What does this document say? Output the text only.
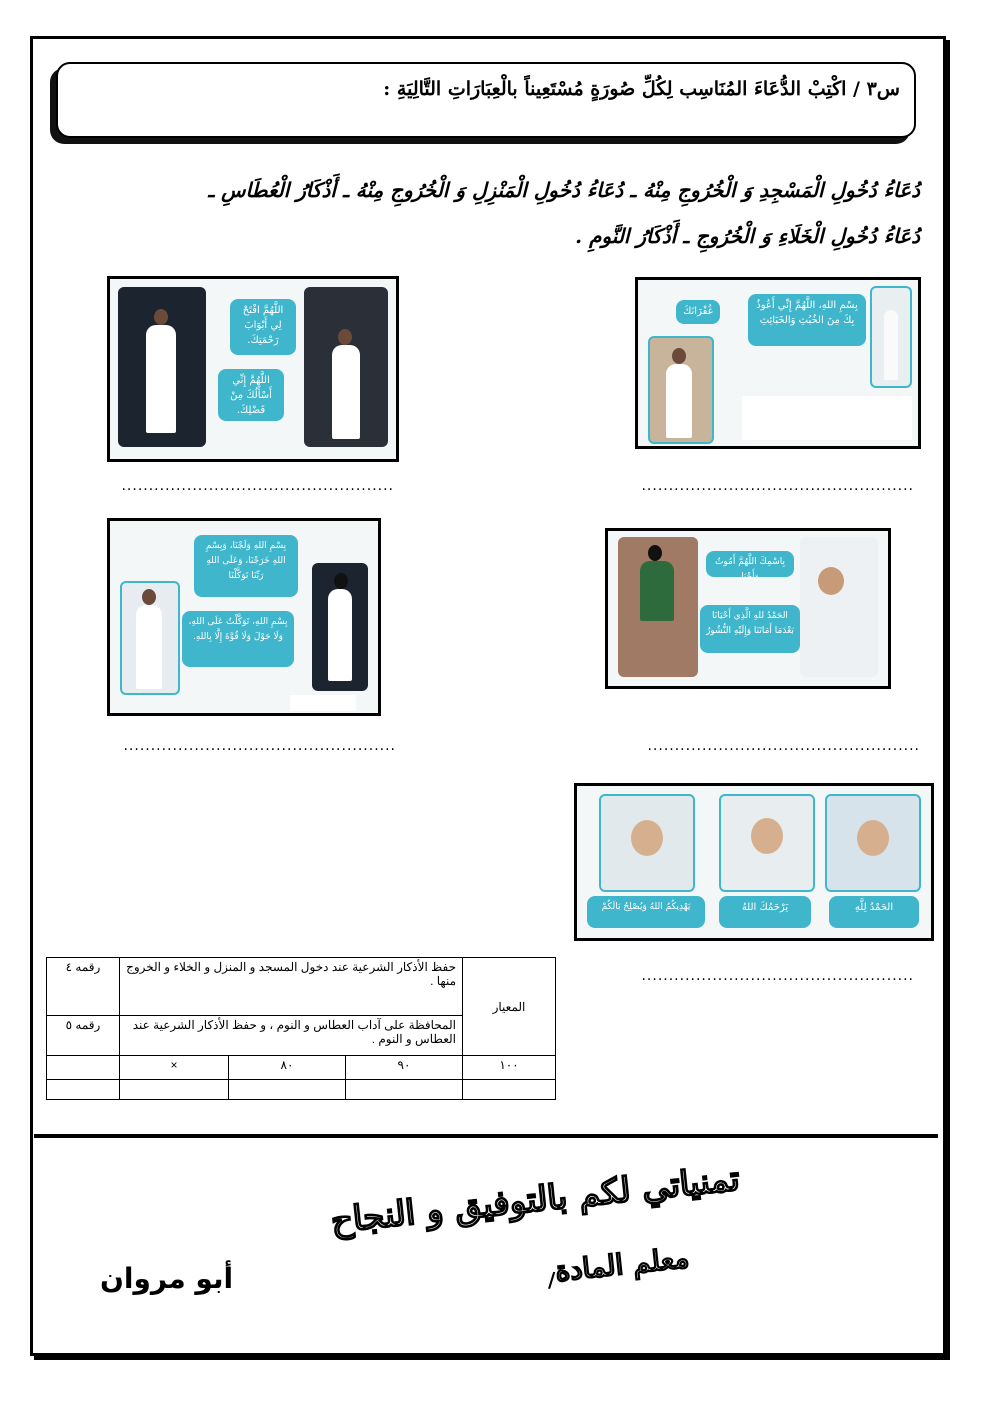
س٣ / اكْتِبْ الدُّعَاءَ المُنَاسِب لِكُلِّ صُورَةٍ مُسْتَعِيناً بالْعِبَارَاتِ التَّالِيَةِ :
دُعَاءُ دُخُولِ الْمَسْجِدِ وَ الْخُرُوجِ مِنْهُ ـ دُعَاءُ دُخُولِ الْمَنْزِلِ وَ الْخُرُوجِ مِنْهُ ـ أَذْكَارُ الْعُطَاسِ ـ
دُعَاءُ دُخُولِ الْخَلَاءِ وَ الْخُرُوجِ ـ أَذْكَارُ النَّومِ .
بِسْمِ اللهِ، اللَّهُمَّ إِنِّي أَعُوذُ بِكَ مِنَ الخُبُثِ وَالخَبَائِثِ
غُفْرَانَكَ
اللَّهُمَّ افْتَحْ لِي أَبْوَابَ رَحْمَتِكَ.
اللَّهُمَّ إِنِّي أَسْأَلُكَ مِنْ فَضْلِكَ.
..................................................
..................................................
بِاسْمِكَ اللَّهُمَّ أَمُوتُ وَأَحْيَا
الحَمْدُ للهِ الَّذِي أَحْيَانَا بَعْدَمَا أَمَاتَنَا وَإِلَيْهِ النُّشُورُ
بِسْمِ اللهِ وَلَجْنَا، وَبِسْمِ اللهِ خَرَجْنَا، وَعَلَى اللهِ رَبِّنَا تَوَكَّلْنَا
بِسْمِ اللهِ، تَوَكَّلْتُ عَلَى اللهِ، وَلَا حَوْلَ وَلَا قُوَّةَ إِلَّا بِاللهِ.
..................................................
..................................................
الحَمْدُ لِلَّهِ
يَرْحَمُكَ اللهُ
يَهْدِيكُمُ اللهُ وَيُصْلِحُ بَالَكُمْ
..................................................
المعيار	حفظ الأذكار الشرعية عند دخول المسجد و المنزل و الخلاء و الخروج منها .			رقمه ٤
	المحافظة على آداب العطاس و النوم ، و حفظ الأذكار الشرعية عند العطاس و النوم .			رقمه ٥
١٠٠	٩٠	٨٠	×	

تمنياتي لكم بالتوفيق و النجاح
معلم المادة
/
أبو مروان
